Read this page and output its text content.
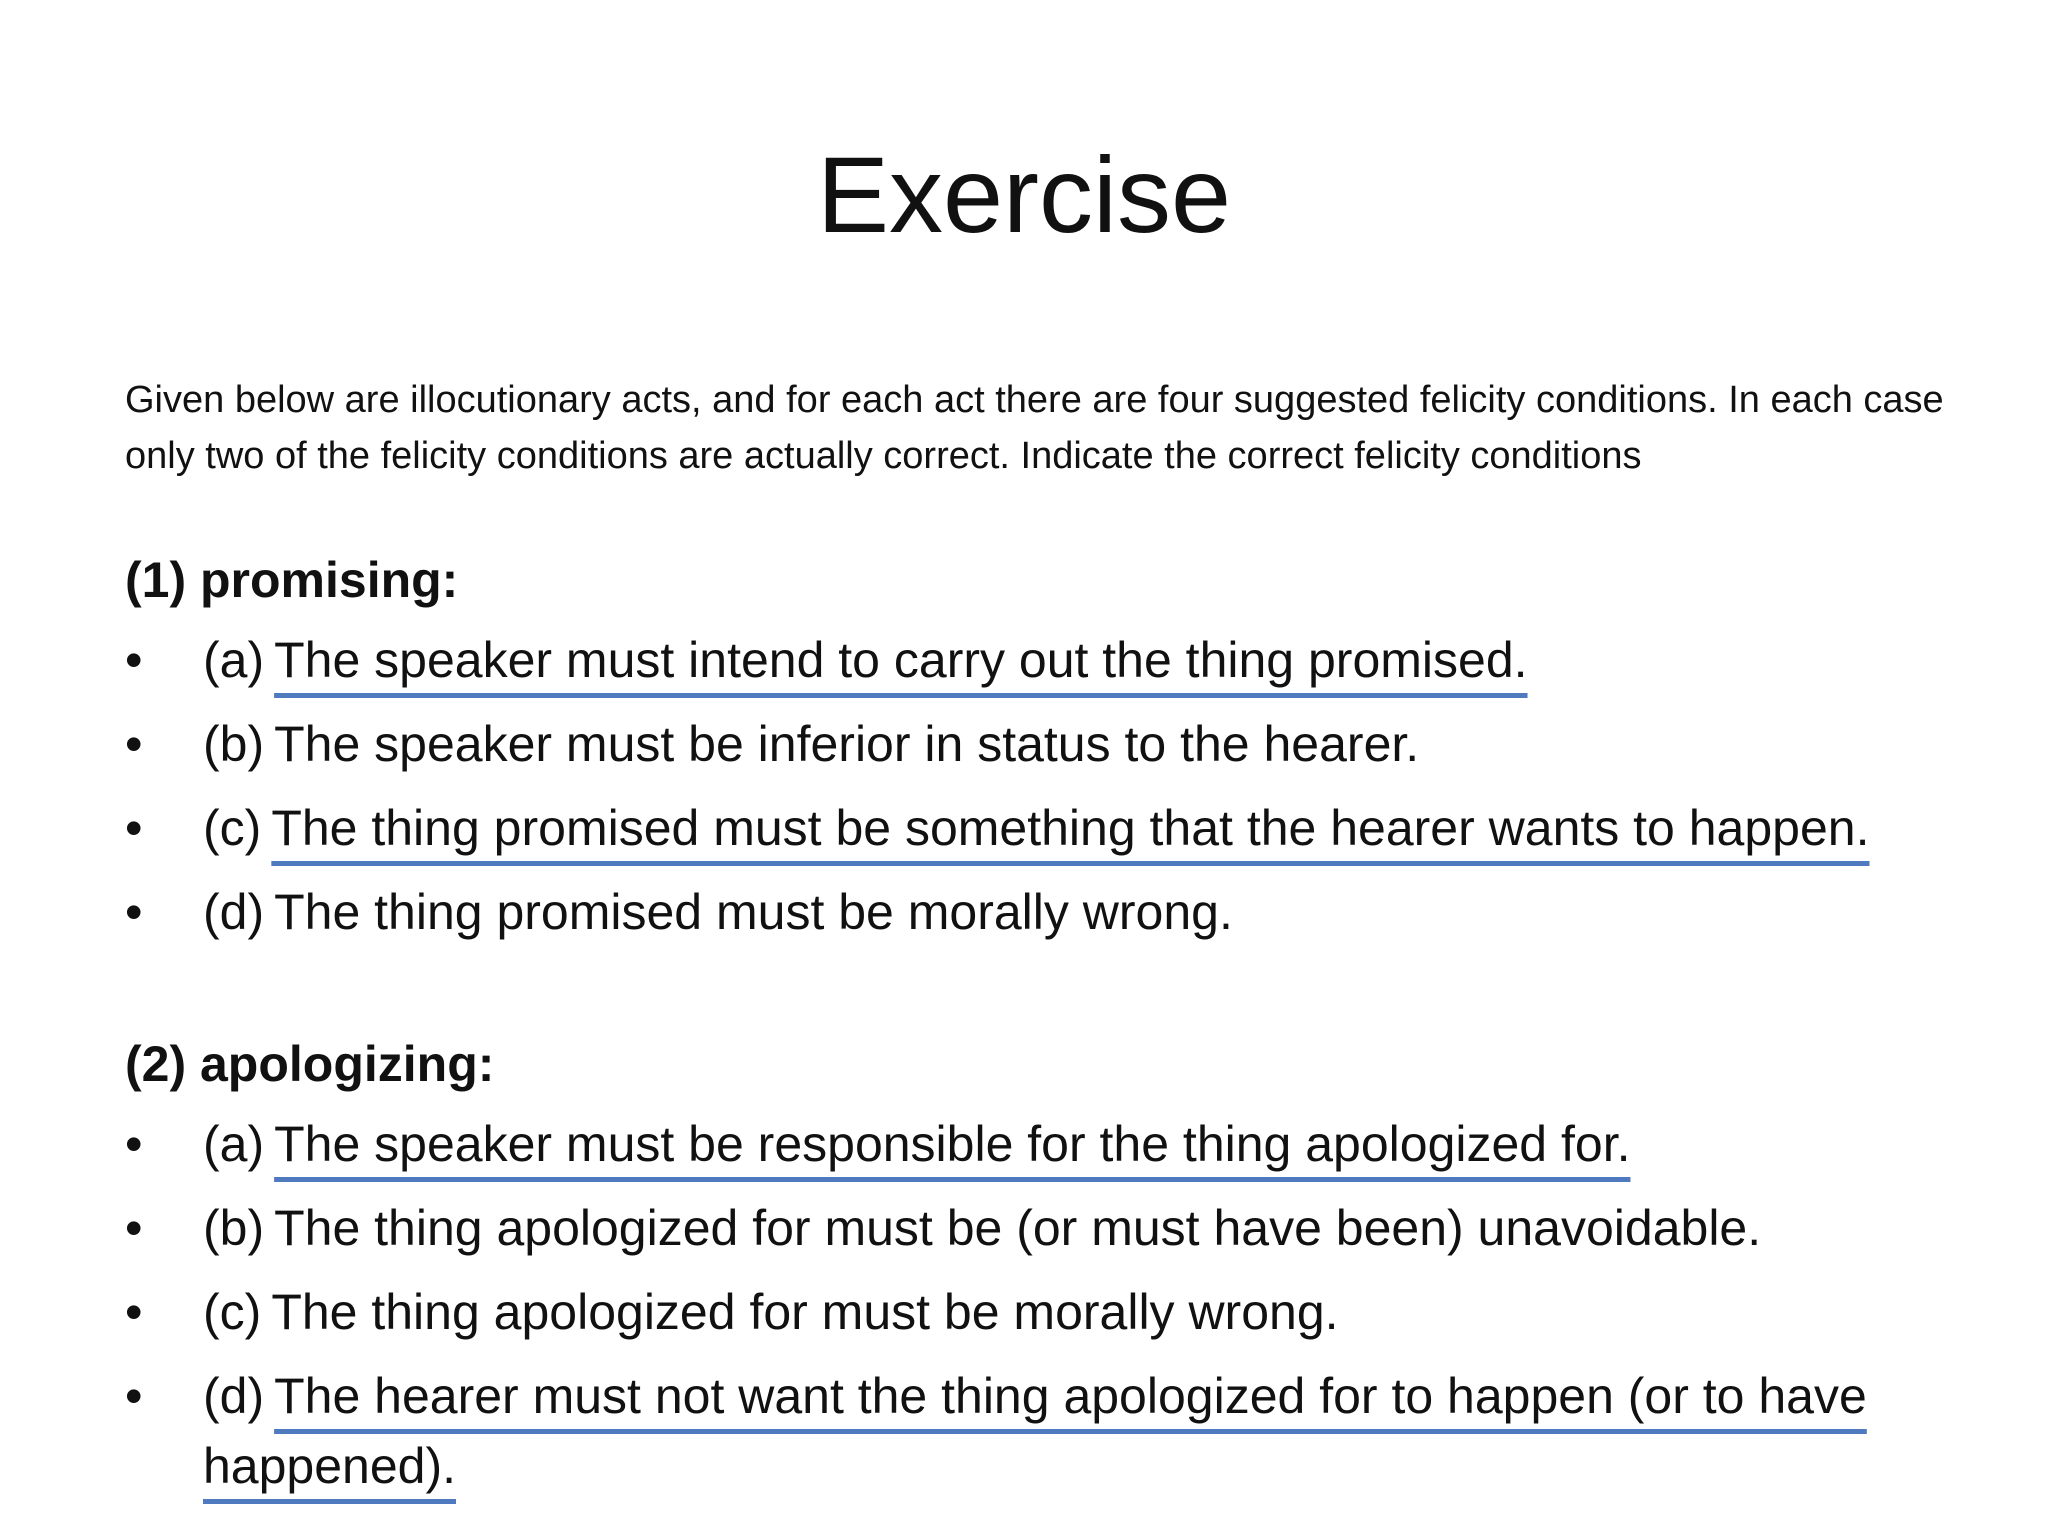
Exercise

Given below are illocutionary acts, and for each act there are four suggested felicity conditions. In each case only two of the felicity conditions are actually correct. Indicate the correct felicity conditions

(1) promising:

•	(a) The speaker must intend to carry out the thing promised.

•	(b) The speaker must be inferior in status to the hearer.

•	(c) The thing promised must be something that the hearer wants to happen.

•	(d) The thing promised must be morally wrong.

(2) apologizing:

•	(a) The speaker must be responsible for the thing apologized for.

•	(b) The thing apologized for must be (or must have been) unavoidable.

•	(c) The thing apologized for must be morally wrong.

•	(d) The hearer must not want the thing apologized for to happen (or to have happened).
